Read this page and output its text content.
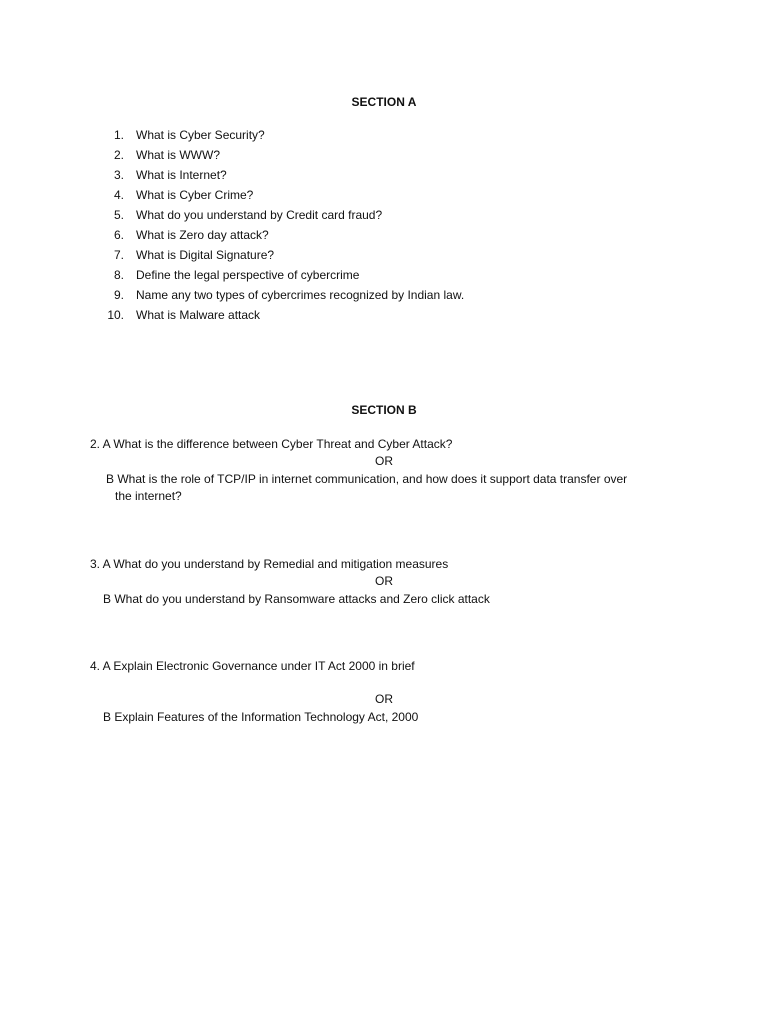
SECTION A
1. What is Cyber Security?
2. What is WWW?
3. What is Internet?
4. What is Cyber Crime?
5. What do you understand by Credit card fraud?
6. What is Zero day attack?
7. What is Digital Signature?
8. Define the legal perspective of cybercrime
9. Name any two types of cybercrimes recognized by Indian law.
10. What is Malware attack
SECTION B
2. A What is the difference between Cyber Threat and Cyber Attack?
OR
B What is the role of TCP/IP in internet communication, and how does it support data transfer over
the internet?
3. A What do you understand by Remedial and mitigation measures
OR
B What do you understand by Ransomware attacks and Zero click attack
4. A Explain Electronic Governance under IT Act 2000 in brief
OR
B Explain Features of the Information Technology Act, 2000
